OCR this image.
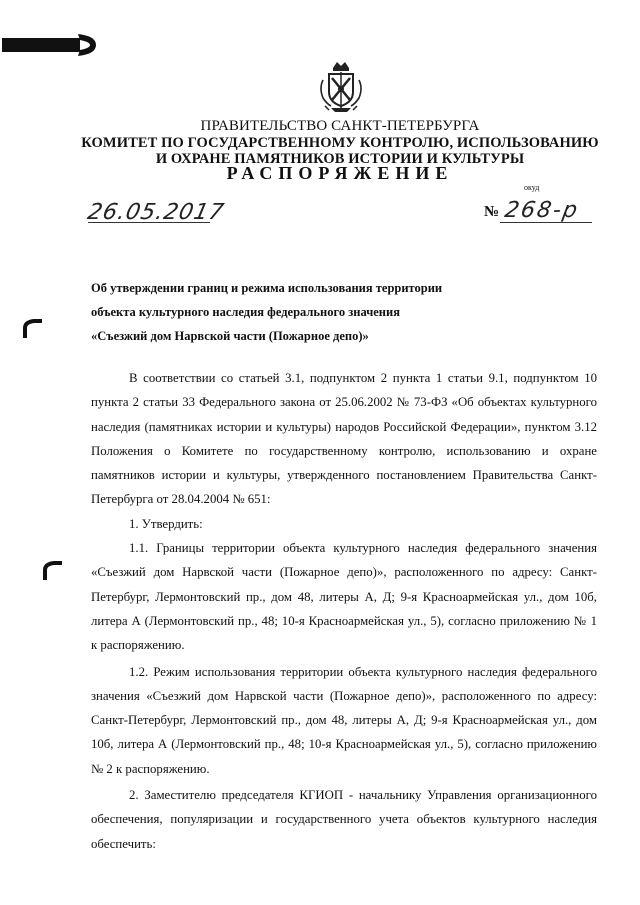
ПРАВИТЕЛЬСТВО САНКТ-ПЕТЕРБУРГА
КОМИТЕТ ПО ГОСУДАРСТВЕННОМУ КОНТРОЛЮ, ИСПОЛЬЗОВАНИЮ
И ОХРАНЕ ПАМЯТНИКОВ ИСТОРИИ И КУЛЬТУРЫ
РАСПОРЯЖЕНИЕ
окуд
26.05.2017	№ 268-р
Об утверждении границ и режима использования территории
объекта культурного наследия федерального значения
«Съезжий дом Нарвской части (Пожарное депо)»

В соответствии со статьей 3.1, подпунктом 2 пункта 1 статьи 9.1, подпунктом 10 пункта 2 статьи 33 Федерального закона от 25.06.2002 № 73-ФЗ «Об объектах культурного наследия (памятниках истории и культуры) народов Российской Федерации», пунктом 3.12 Положения о Комитете по государственному контролю, использованию и охране памятников истории и культуры, утвержденного постановлением Правительства Санкт-Петербурга от 28.04.2004 № 651:

1. Утвердить:

1.1. Границы территории объекта культурного наследия федерального значения «Съезжий дом Нарвской части (Пожарное депо)», расположенного по адресу: Санкт-Петербург, Лермонтовский пр., дом 48, литеры А, Д; 9-я Красноармейская ул., дом 10б, литера А (Лермонтовский пр., 48; 10-я Красноармейская ул., 5), согласно приложению № 1 к распоряжению.

1.2. Режим использования территории объекта культурного наследия федерального значения «Съезжий дом Нарвской части (Пожарное депо)», расположенного по адресу: Санкт-Петербург, Лермонтовский пр., дом 48, литеры А, Д; 9-я Красноармейская ул., дом 10б, литера А (Лермонтовский пр., 48; 10-я Красноармейская ул., 5), согласно приложению № 2 к распоряжению.

2. Заместителю председателя КГИОП - начальнику Управления организационного обеспечения, популяризации и государственного учета объектов культурного наследия обеспечить:
